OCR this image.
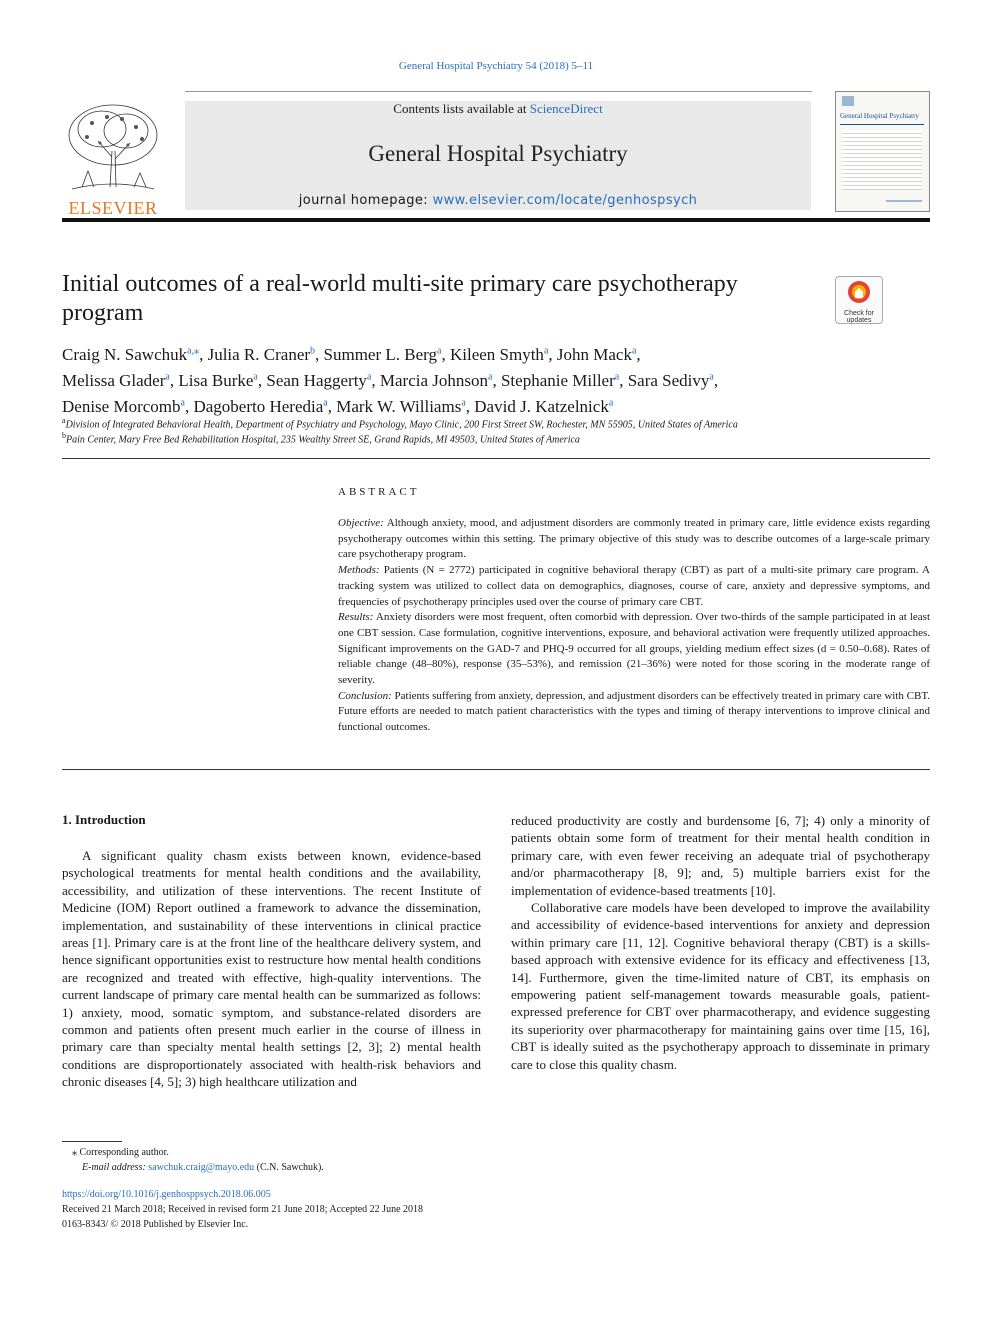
General Hospital Psychiatry 54 (2018) 5–11
ELSEVIER
Contents lists available at ScienceDirect
General Hospital Psychiatry
journal homepage: www.elsevier.com/locate/genhospsych
General Hospital Psychiatry
Initial outcomes of a real-world multi-site primary care psychotherapy program	Check for
updates
Craig N. Sawchuk$^{a,⁎}$, Julia R. Craner$^b$, Summer L. Berg$^a$, Kileen Smyth$^a$, John Mack$^a$,
Melissa Glader$^a$, Lisa Burke$^a$, Sean Haggerty$^a$, Marcia Johnson$^a$, Stephanie Miller$^a$, Sara Sedivy$^a$,
Denise Morcomb$^a$, Dagoberto Heredia$^a$, Mark W. Williams$^a$, David J. Katzelnick$^a$
$^a$Division of Integrated Behavioral Health, Department of Psychiatry and Psychology, Mayo Clinic, 200 First Street SW, Rochester, MN 55905, United States of America
$^b$Pain Center, Mary Free Bed Rehabilitation Hospital, 235 Wealthy Street SE, Grand Rapids, MI 49503, United States of America
ABSTRACT

Objective: Although anxiety, mood, and adjustment disorders are commonly treated in primary care, little evidence exists regarding psychotherapy outcomes within this setting. The primary objective of this study was to describe outcomes of a large-scale primary care psychotherapy program.

Methods: Patients (N = 2772) participated in cognitive behavioral therapy (CBT) as part of a multi-site primary care program. A tracking system was utilized to collect data on demographics, diagnoses, course of care, anxiety and depressive symptoms, and frequencies of psychotherapy principles used over the course of primary care CBT.

Results: Anxiety disorders were most frequent, often comorbid with depression. Over two-thirds of the sample participated in at least one CBT session. Case formulation, cognitive interventions, exposure, and behavioral activation were frequently utilized approaches. Significant improvements on the GAD-7 and PHQ-9 occurred for all groups, yielding medium effect sizes (d = 0.50–0.68). Rates of reliable change (48–80%), response (35–53%), and remission (21–36%) were noted for those scoring in the moderate range of severity.

Conclusion: Patients suffering from anxiety, depression, and adjustment disorders can be effectively treated in primary care with CBT. Future efforts are needed to match patient characteristics with the types and timing of therapy interventions to improve clinical and functional outcomes.

1. Introduction

A significant quality chasm exists between known, evidence-based psychological treatments for mental health conditions and the availability, accessibility, and utilization of these interventions. The recent Institute of Medicine (IOM) Report outlined a framework to advance the dissemination, implementation, and sustainability of these interventions in clinical practice areas [1]. Primary care is at the front line of the healthcare delivery system, and hence significant opportunities exist to restructure how mental health conditions are recognized and treated with effective, high-quality interventions. The current landscape of primary care mental health can be summarized as follows: 1) anxiety, mood, somatic symptom, and substance-related disorders are common and patients often present much earlier in the course of illness in primary care than specialty mental health settings [2, 3]; 2) mental health conditions are disproportionately associated with health-risk behaviors and chronic diseases [4, 5]; 3) high healthcare utilization and

reduced productivity are costly and burdensome [6, 7]; 4) only a minority of patients obtain some form of treatment for their mental health condition in primary care, with even fewer receiving an adequate trial of psychotherapy and/or pharmacotherapy [8, 9]; and, 5) multiple barriers exist for the implementation of evidence-based treatments [10].

Collaborative care models have been developed to improve the availability and accessibility of evidence-based interventions for anxiety and depression within primary care [11, 12]. Cognitive behavioral therapy (CBT) is a skills-based approach with extensive evidence for its efficacy and effectiveness [13, 14]. Furthermore, given the time-limited nature of CBT, its emphasis on empowering patient self-management towards measurable goals, patient-expressed preference for CBT over pharmacotherapy, and evidence suggesting its superiority over pharmacotherapy for maintaining gains over time [15, 16], CBT is ideally suited as the psychotherapy approach to disseminate in primary care to close this quality chasm.

⁎ Corresponding author.
E-mail address: sawchuk.craig@mayo.edu (C.N. Sawchuk).
https://doi.org/10.1016/j.genhosppsych.2018.06.005
Received 21 March 2018; Received in revised form 21 June 2018; Accepted 22 June 2018
0163-8343/ © 2018 Published by Elsevier Inc.
